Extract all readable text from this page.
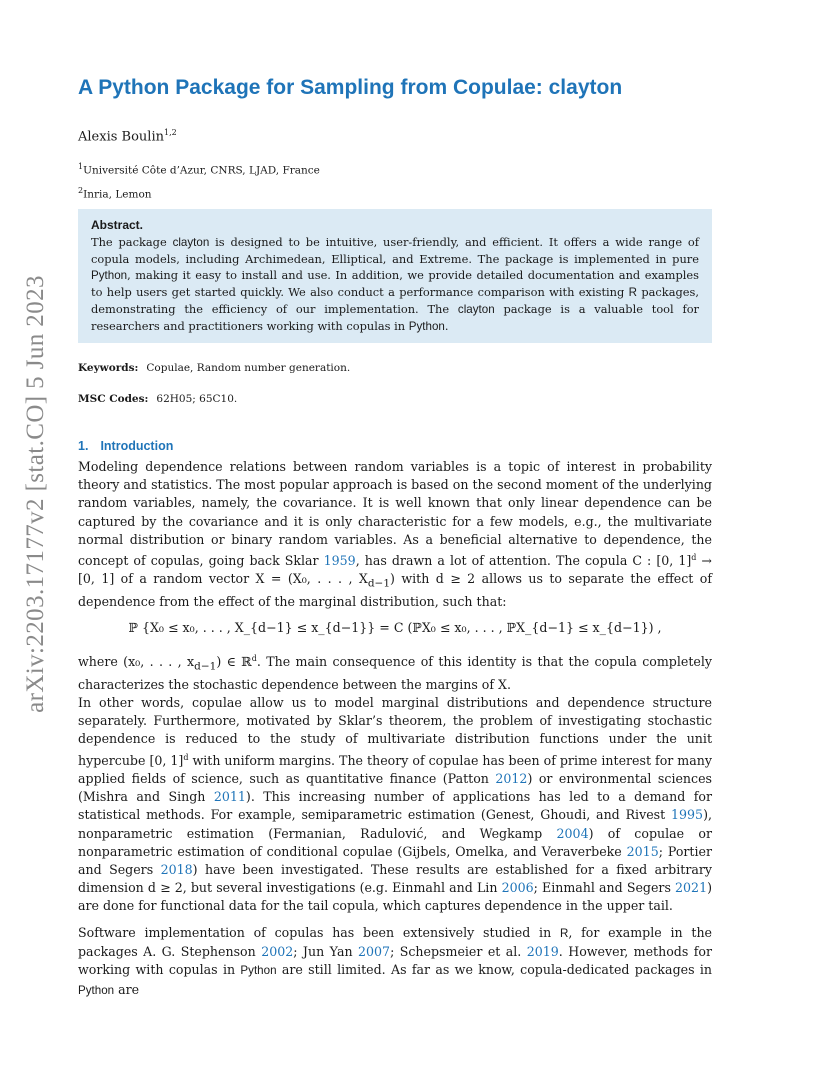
arXiv:2203.17177v2 [stat.CO] 5 Jun 2023
A Python Package for Sampling from Copulae: clayton
Alexis Boulin$^{1,2}$
$^1$Université Côte d’Azur, CNRS, LJAD, France
$^2$Inria, Lemon
Abstract.
The package clayton is designed to be intuitive, user-friendly, and efficient. It offers a wide range of copula models, including Archimedean, Elliptical, and Extreme. The package is implemented in pure Python, making it easy to install and use. In addition, we provide detailed documentation and examples to help users get started quickly. We also conduct a performance comparison with existing R packages, demonstrating the efficiency of our implementation. The clayton package is a valuable tool for researchers and practitioners working with copulas in Python.
Keywords: Copulae, Random number generation.
MSC Codes: 62H05; 65C10.
1. Introduction

Modeling dependence relations between random variables is a topic of interest in probability theory and statistics. The most popular approach is based on the second moment of the underlying random variables, namely, the covariance. It is well known that only linear dependence can be captured by the covariance and it is only characteristic for a few models, e.g., the multivariate normal distribution or binary random variables. As a beneficial alternative to dependence, the concept of copulas, going back Sklar 1959, has drawn a lot of attention. The copula C : [0, 1]$^d$ → [0, 1] of a random vector X = (X₀, . . . , $X_{d-1}$) with d ≥ 2 allows us to separate the effect of dependence from the effect of the marginal distribution, such that:

ℙ {X₀ ≤ x₀, . . . , X_{d−1} ≤ x_{d−1}} = C (ℙX₀ ≤ x₀, . . . , ℙX_{d−1} ≤ x_{d−1}) ,

where (x₀, . . . , $x_{d-1}$) ∈ ℝ$^d$. The main consequence of this identity is that the copula completely characterizes the stochastic dependence between the margins of X.

In other words, copulae allow us to model marginal distributions and dependence structure separately. Furthermore, motivated by Sklar’s theorem, the problem of investigating stochastic dependence is reduced to the study of multivariate distribution functions under the unit hypercube [0, 1]$^d$ with uniform margins. The theory of copulae has been of prime interest for many applied fields of science, such as quantitative finance (Patton 2012) or environmental sciences (Mishra and Singh 2011). This increasing number of applications has led to a demand for statistical methods. For example, semiparametric estimation (Genest, Ghoudi, and Rivest 1995), nonparametric estimation (Fermanian, Radulović, and Wegkamp 2004) of copulae or nonparametric estimation of conditional copulae (Gijbels, Omelka, and Veraverbeke 2015; Portier and Segers 2018) have been investigated. These results are established for a fixed arbitrary dimension d ≥ 2, but several investigations (e.g. Einmahl and Lin 2006; Einmahl and Segers 2021) are done for functional data for the tail copula, which captures dependence in the upper tail.

Software implementation of copulas has been extensively studied in R, for example in the packages A. G. Stephenson 2002; Jun Yan 2007; Schepsmeier et al. 2019. However, methods for working with copulas in Python are still limited. As far as we know, copula-dedicated packages in Python are
